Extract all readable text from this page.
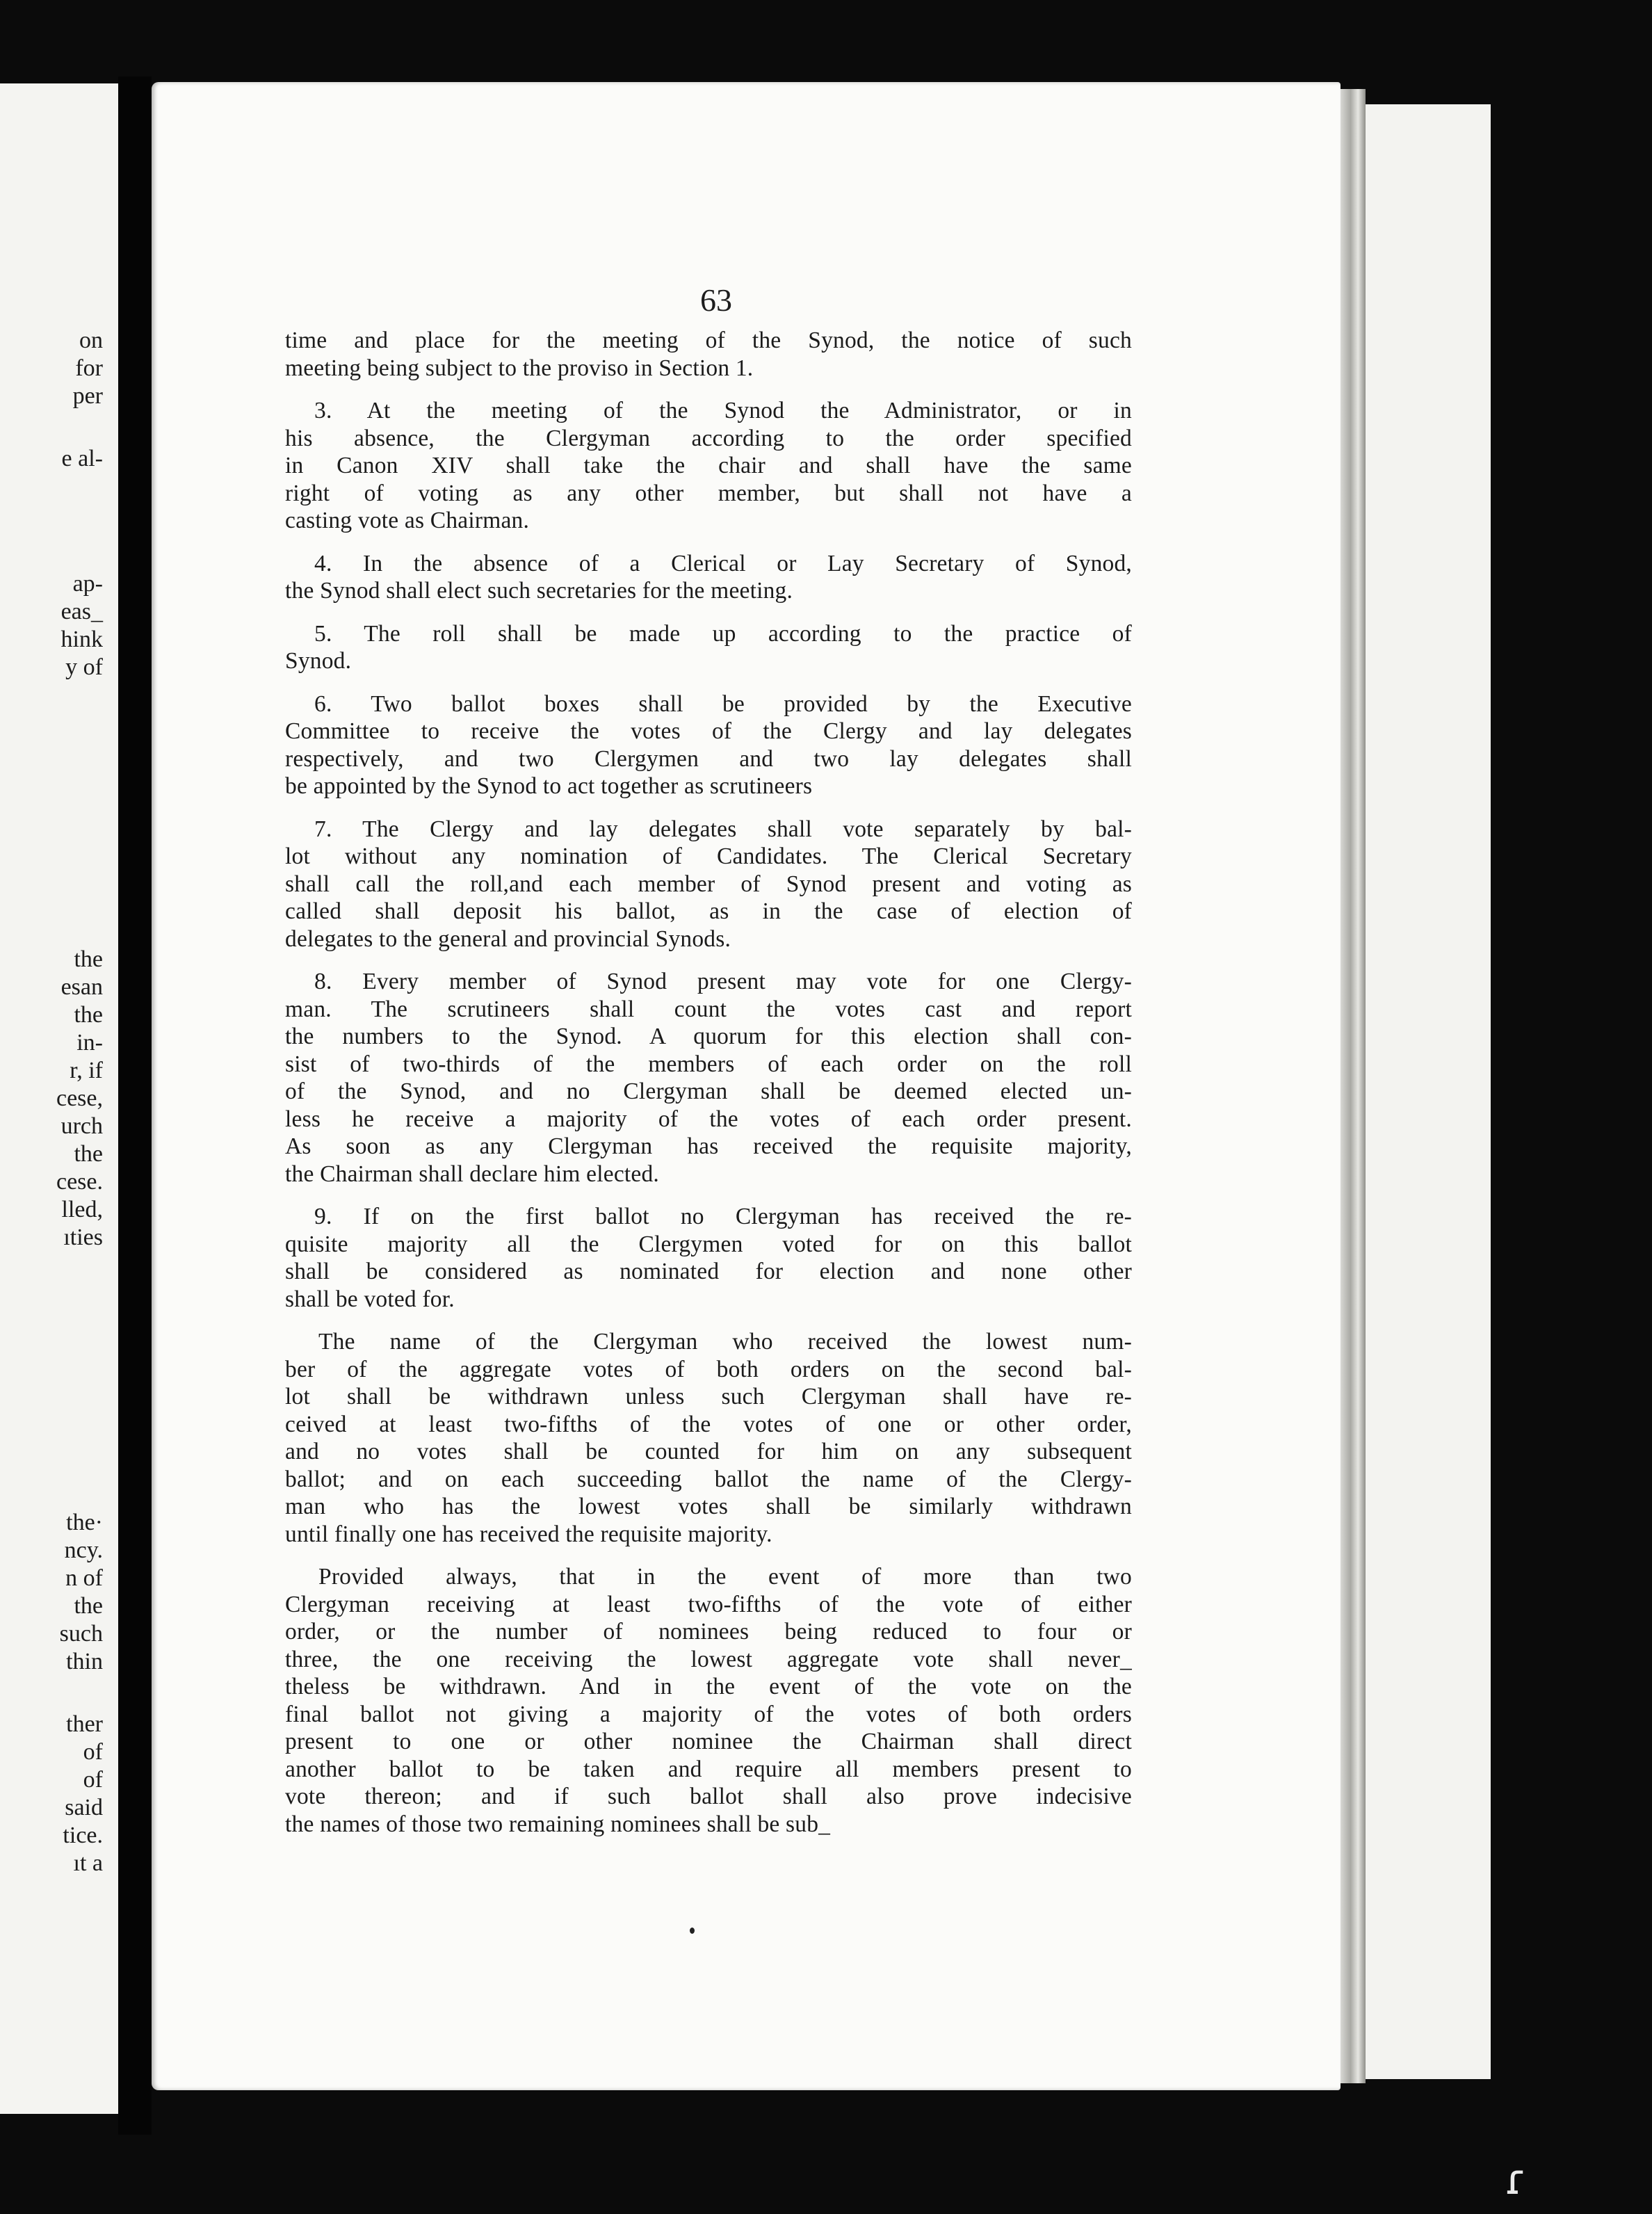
on
for
per
e al-
ap-
eas_
hink
y of
the
esan
the
in-
r, if
cese,
urch
the
cese.
lled,
ıties
the·
ncy.
n of
the
such
thin
ther
of
of
said
tice.
ıt a
63
time and place for the meeting of the Synod, the notice of such
meeting being subject to the proviso in Section 1.
3. At the meeting of the Synod the Administrator, or in
his absence, the Clergyman according to the order specified
in Canon XIV shall take the chair and shall have the same
right of voting as any other member, but shall not have a
casting vote as Chairman.
4. In the absence of a Clerical or Lay Secretary of Synod,
the Synod shall elect such secretaries for the meeting.
5. The roll shall be made up according to the practice of
Synod.
6. Two ballot boxes shall be provided by the Executive
Committee to receive the votes of the Clergy and lay delegates
respectively, and two Clergymen and two lay delegates shall
be appointed by the Synod to act together as scrutineers
7. The Clergy and lay delegates shall vote separately by bal-
lot without any nomination of Candidates. The Clerical Secretary
shall call the roll,and each member of Synod present and voting as
called shall deposit his ballot, as in the case of election of
delegates to the general and provincial Synods.
8. Every member of Synod present may vote for one Clergy-
man. The scrutineers shall count the votes cast and report
the numbers to the Synod. A quorum for this election shall con-
sist of two-thirds of the members of each order on the roll
of the Synod, and no Clergyman shall be deemed elected un-
less he receive a majority of the votes of each order present.
As soon as any Clergyman has received the requisite majority,
the Chairman shall declare him elected.
9. If on the first ballot no Clergyman has received the re-
quisite majority all the Clergymen voted for on this ballot
shall be considered as nominated for election and none other
shall be voted for.
The name of the Clergyman who received the lowest num-
ber of the aggregate votes of both orders on the second bal-
lot shall be withdrawn unless such Clergyman shall have re-
ceived at least two-fifths of the votes of one or other order,
and no votes shall be counted for him on any subsequent
ballot; and on each succeeding ballot the name of the Clergy-
man who has the lowest votes shall be similarly withdrawn
until finally one has received the requisite majority.
Provided always, that in the event of more than two
Clergyman receiving at least two-fifths of the vote of either
order, or the number of nominees being reduced to four or
three, the one receiving the lowest aggregate vote shall never_
theless be withdrawn. And in the event of the vote on the
final ballot not giving a majority of the votes of both orders
present to one or other nominee the Chairman shall direct
another ballot to be taken and require all members present to
vote thereon; and if such ballot shall also prove indecisive
the names of those two remaining nominees shall be sub_
ɾ
